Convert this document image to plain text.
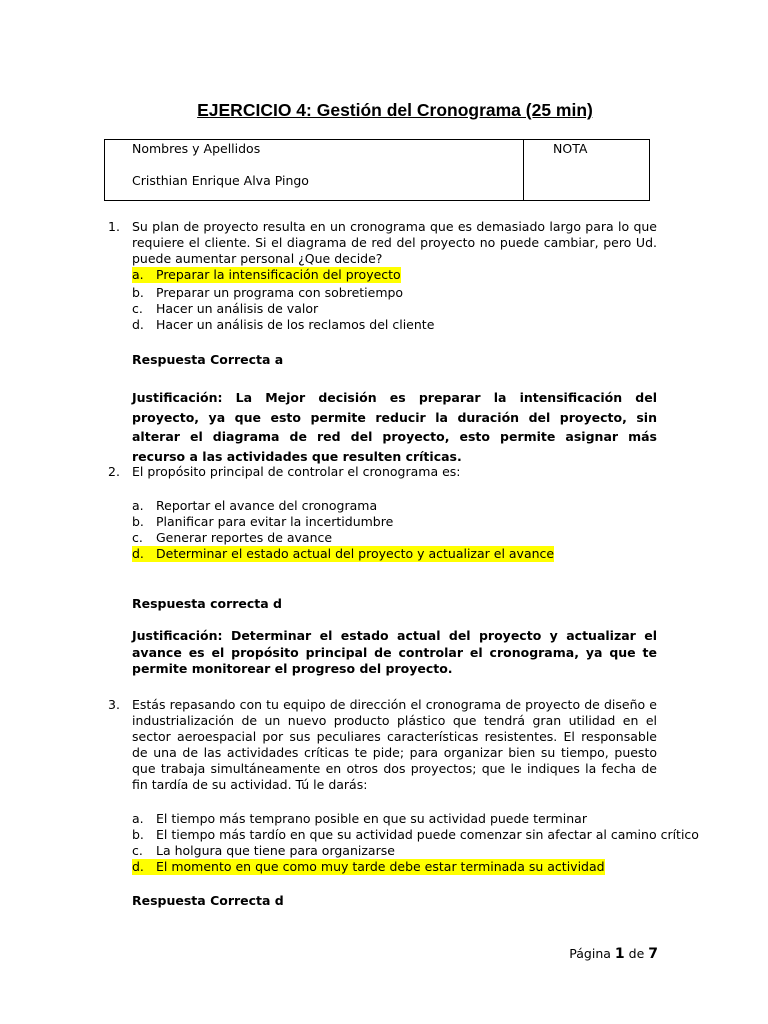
EJERCICIO 4: Gestión del Cronograma (25 min)
Nombres y Apellidos
Cristhian Enrique Alva Pingo
NOTA
1. Su plan de proyecto resulta en un cronograma que es demasiado largo para lo que requiere el cliente. Si el diagrama de red del proyecto no puede cambiar, pero Ud. puede aumentar personal ¿Que decide?
a. Preparar la intensificación del proyecto
b. Preparar un programa con sobretiempo
c. Hacer un análisis de valor
d. Hacer un análisis de los reclamos del cliente
Respuesta Correcta a
Justificación: La Mejor decisión es preparar la intensificación del proyecto, ya que esto permite reducir la duración del proyecto, sin alterar el diagrama de red del proyecto, esto permite asignar más recurso a las actividades que resulten críticas.
2. El propósito principal de controlar el cronograma es:
a. Reportar el avance del cronograma
b. Planificar para evitar la incertidumbre
c. Generar reportes de avance
d. Determinar el estado actual del proyecto y actualizar el avance
Respuesta correcta d
Justificación: Determinar el estado actual del proyecto y actualizar el avance es el propósito principal de controlar el cronograma, ya que te permite monitorear el progreso del proyecto.
3. Estás repasando con tu equipo de dirección el cronograma de proyecto de diseño e industrialización de un nuevo producto plástico que tendrá gran utilidad en el sector aeroespacial por sus peculiares características resistentes. El responsable de una de las actividades críticas te pide; para organizar bien su tiempo, puesto que trabaja simultáneamente en otros dos proyectos; que le indiques la fecha de fin tardía de su actividad. Tú le darás:
a. El tiempo más temprano posible en que su actividad puede terminar
b. El tiempo más tardío en que su actividad puede comenzar sin afectar al camino crítico
c. La holgura que tiene para organizarse
d. El momento en que como muy tarde debe estar terminada su actividad
Respuesta Correcta d
Página 1 de 7
